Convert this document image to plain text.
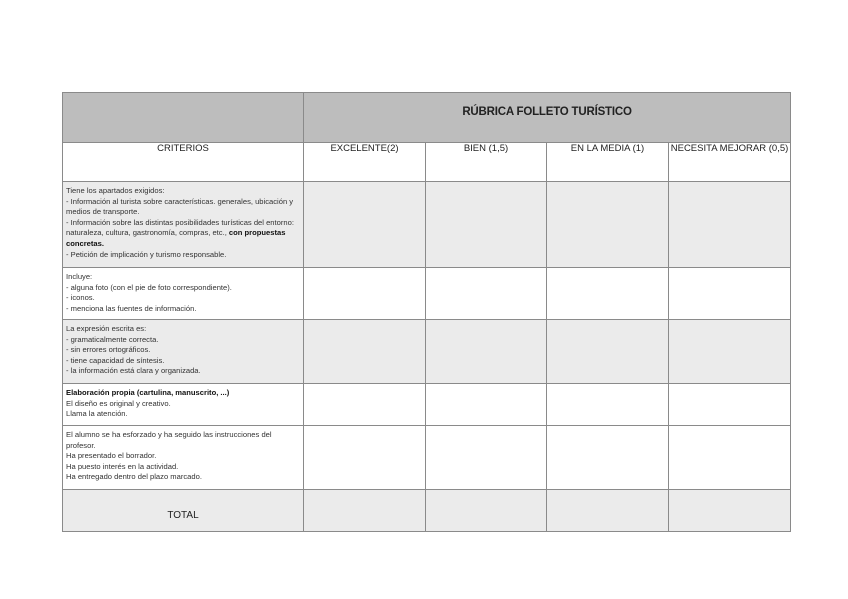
	RÚBRICA FOLLETO TURÍSTICO			
CRITERIOS	EXCELENTE(2)	BIEN (1,5)	EN LA MEDIA (1)	NECESITA MEJORAR (0,5)

Tiene los apartados exigidos:
- Información al turista sobre características. generales, ubicación y medios de transporte.
- Información sobre las distintas posibilidades turísticas del entorno: naturaleza, cultura, gastronomía, compras, etc., con propuestas concretas.
- Petición de implicación y turismo responsable.				

Incluye:
- alguna foto (con el pie de foto correspondiente).
- iconos.
- menciona las fuentes de información.				

La expresión escrita es:
- gramaticalmente correcta.
- sin errores ortográficos.
- tiene capacidad de síntesis.
- la información está clara y organizada.				

Elaboración propia (cartulina, manuscrito, ...)
El diseño es original y creativo.
Llama la atención.				

El alumno se ha esforzado y ha seguido las instrucciones del profesor.
Ha presentado el borrador.
Ha puesto interés en la actividad.
Ha entregado dentro del plazo marcado.				

TOTAL				
